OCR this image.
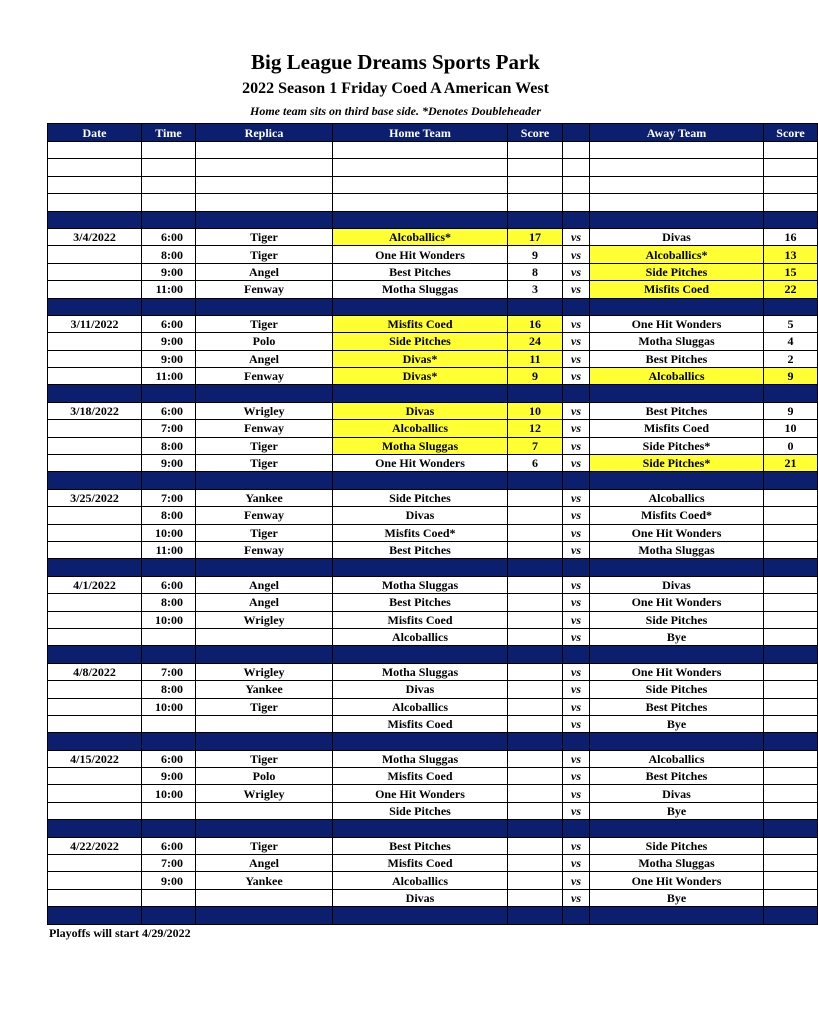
Big League Dreams Sports Park
2022 Season 1 Friday Coed A American West
Home team sits on third base side. *Denotes Doubleheader
Date	Time	Replica	Home Team	Score		Away Team	Score

3/4/2022	6:00	Tiger	Alcoballics*	17	vs	Divas	16
	8:00	Tiger	One Hit Wonders	9	vs	Alcoballics*	13
	9:00	Angel	Best Pitches	8	vs	Side Pitches	15
	11:00	Fenway	Motha Sluggas	3	vs	Misfits Coed	22

3/11/2022	6:00	Tiger	Misfits Coed	16	vs	One Hit Wonders	5
	9:00	Polo	Side Pitches	24	vs	Motha Sluggas	4
	9:00	Angel	Divas*	11	vs	Best Pitches	2
	11:00	Fenway	Divas*	9	vs	Alcoballics	9

3/18/2022	6:00	Wrigley	Divas	10	vs	Best Pitches	9
	7:00	Fenway	Alcoballics	12	vs	Misfits Coed	10
	8:00	Tiger	Motha Sluggas	7	vs	Side Pitches*	0
	9:00	Tiger	One Hit Wonders	6	vs	Side Pitches*	21

3/25/2022	7:00	Yankee	Side Pitches		vs	Alcoballics	
	8:00	Fenway	Divas		vs	Misfits Coed*	
	10:00	Tiger	Misfits Coed*		vs	One Hit Wonders	
	11:00	Fenway	Best Pitches		vs	Motha Sluggas	

4/1/2022	6:00	Angel	Motha Sluggas		vs	Divas	
	8:00	Angel	Best Pitches		vs	One Hit Wonders	
	10:00	Wrigley	Misfits Coed		vs	Side Pitches	
			Alcoballics		vs	Bye	

4/8/2022	7:00	Wrigley	Motha Sluggas		vs	One Hit Wonders	
	8:00	Yankee	Divas		vs	Side Pitches	
	10:00	Tiger	Alcoballics		vs	Best Pitches	
			Misfits Coed		vs	Bye	

4/15/2022	6:00	Tiger	Motha Sluggas		vs	Alcoballics	
	9:00	Polo	Misfits Coed		vs	Best Pitches	
	10:00	Wrigley	One Hit Wonders		vs	Divas	
			Side Pitches		vs	Bye	

4/22/2022	6:00	Tiger	Best Pitches		vs	Side Pitches	
	7:00	Angel	Misfits Coed		vs	Motha Sluggas	
	9:00	Yankee	Alcoballics		vs	One Hit Wonders	
			Divas		vs	Bye	

Playoffs will start 4/29/2022
